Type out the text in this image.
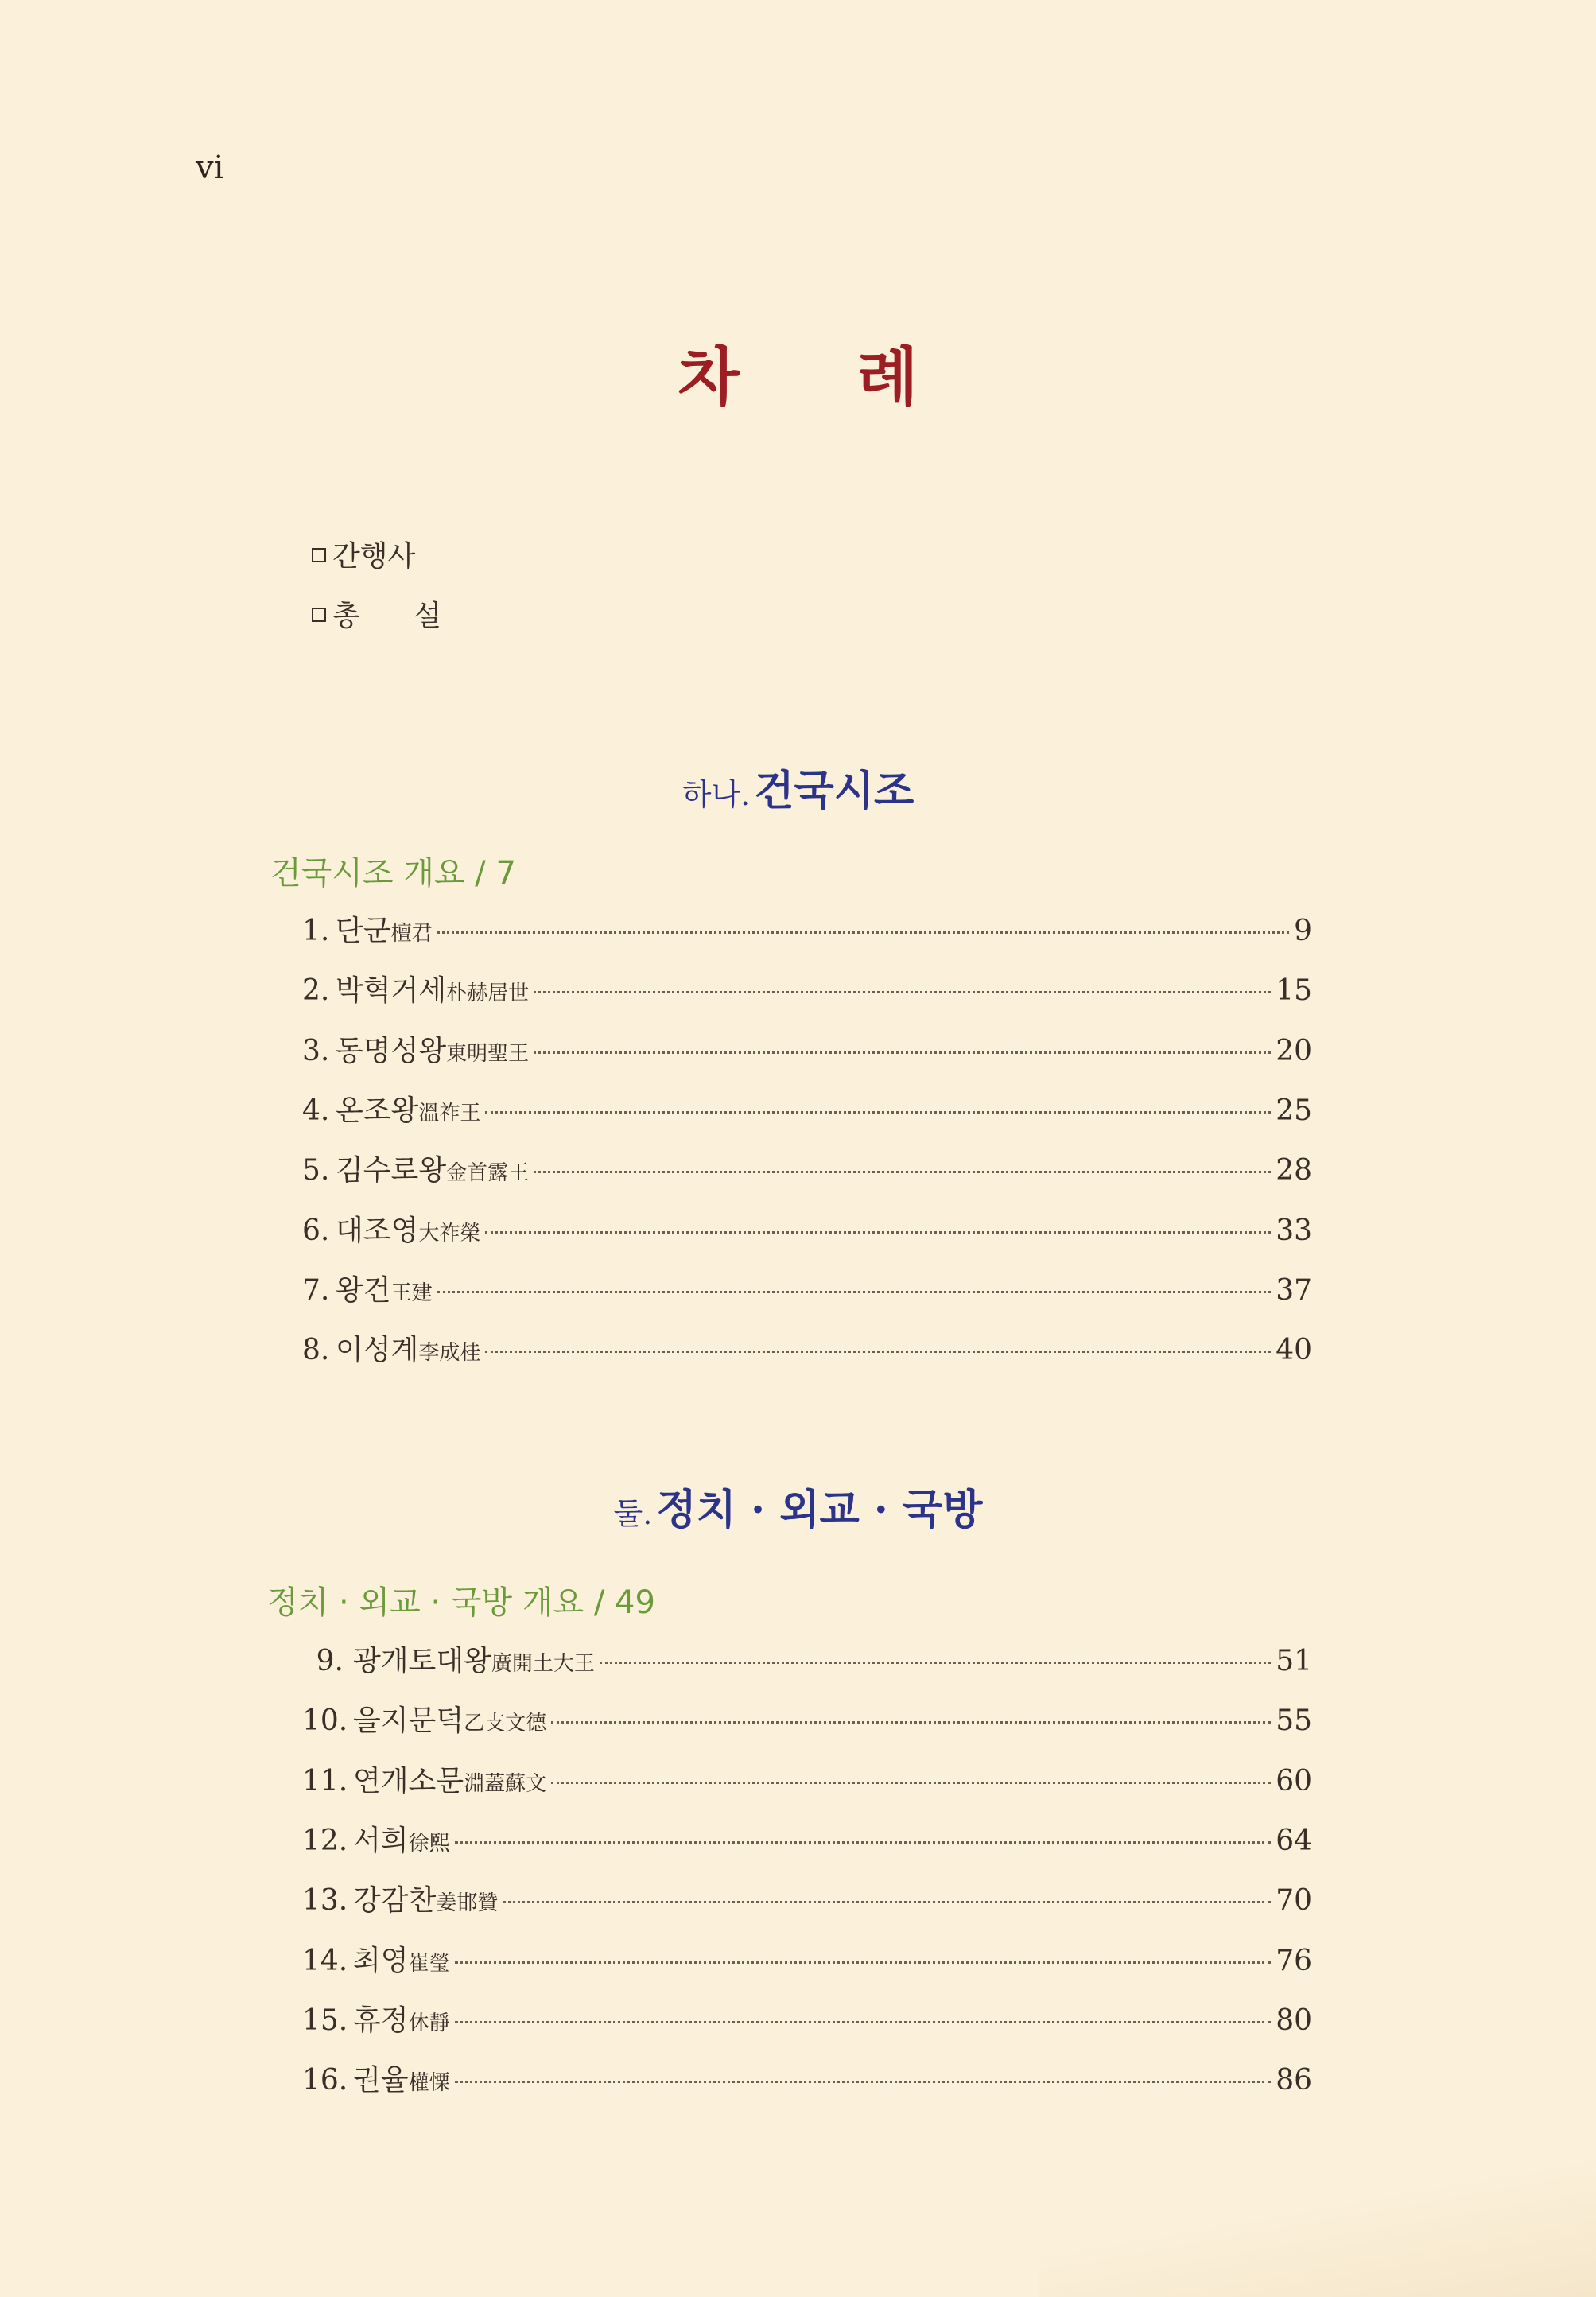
vi
차 례
간행사
총 설
하나. 건국시조
건국시조 개요 / 7
1. 단군檀君	9
2. 박혁거세朴赫居世	15
3. 동명성왕東明聖王	20
4. 온조왕溫祚王	25
5. 김수로왕金首露王	28
6. 대조영大祚榮	33
7. 왕건王建	37
8. 이성계李成桂	40
둘. 정치 · 외교 · 국방
정치 · 외교 · 국방 개요 / 49
9. 광개토대왕廣開土大王	51
10. 을지문덕乙支文德	55
11. 연개소문淵蓋蘇文	60
12. 서희徐熙	64
13. 강감찬姜邯贊	70
14. 최영崔瑩	76
15. 휴정休靜	80
16. 권율權慄	86
